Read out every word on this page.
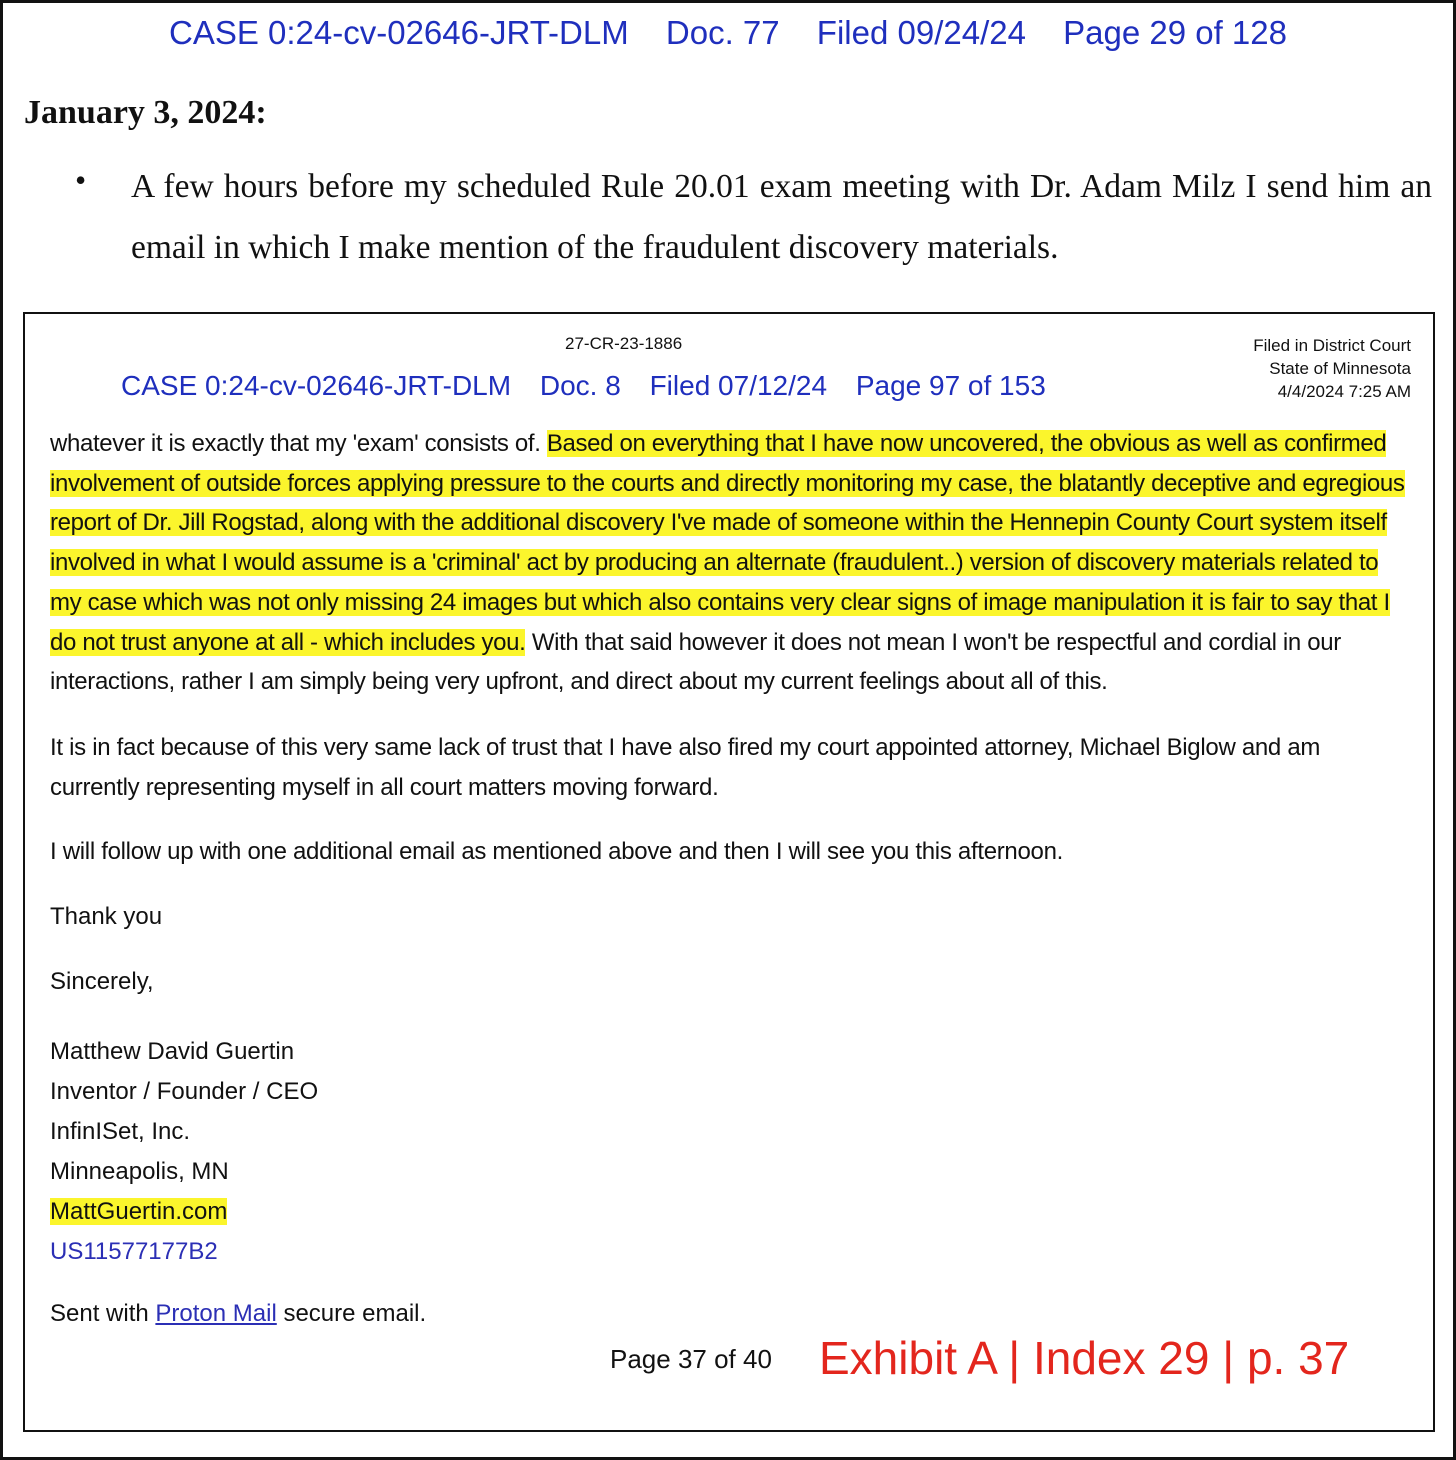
CASE 0:24-cv-02646-JRT-DLM Doc. 77 Filed 09/24/24 Page 29 of 128
January 3, 2024:
• A few hours before my scheduled Rule 20.01 exam meeting with Dr. Adam Milz I send him an email in which I make mention of the fraudulent discovery materials.

27-CR-23-1886	Filed in District Court
State of Minnesota
4/4/2024 7:25 AM
CASE 0:24-cv-02646-JRT-DLM Doc. 8 Filed 07/12/24 Page 97 of 153

whatever it is exactly that my 'exam' consists of. Based on everything that I have now uncovered, the obvious as well as confirmed involvement of outside forces applying pressure to the courts and directly monitoring my case, the blatantly deceptive and egregious report of Dr. Jill Rogstad, along with the additional discovery I've made of someone within the Hennepin County Court system itself involved in what I would assume is a 'criminal' act by producing an alternate (fraudulent..) version of discovery materials related to my case which was not only missing 24 images but which also contains very clear signs of image manipulation it is fair to say that I do not trust anyone at all - which includes you. With that said however it does not mean I won't be respectful and cordial in our interactions, rather I am simply being very upfront, and direct about my current feelings about all of this.

It is in fact because of this very same lack of trust that I have also fired my court appointed attorney, Michael Biglow and am currently representing myself in all court matters moving forward.

I will follow up with one additional email as mentioned above and then I will see you this afternoon.

Thank you

Sincerely,

Matthew David Guertin
Inventor / Founder / CEO
InfinISet, Inc.
Minneapolis, MN
MattGuertin.com
US11577177B2

Sent with Proton Mail secure email.

Page 37 of 40 Exhibit A | Index 29 | p. 37
